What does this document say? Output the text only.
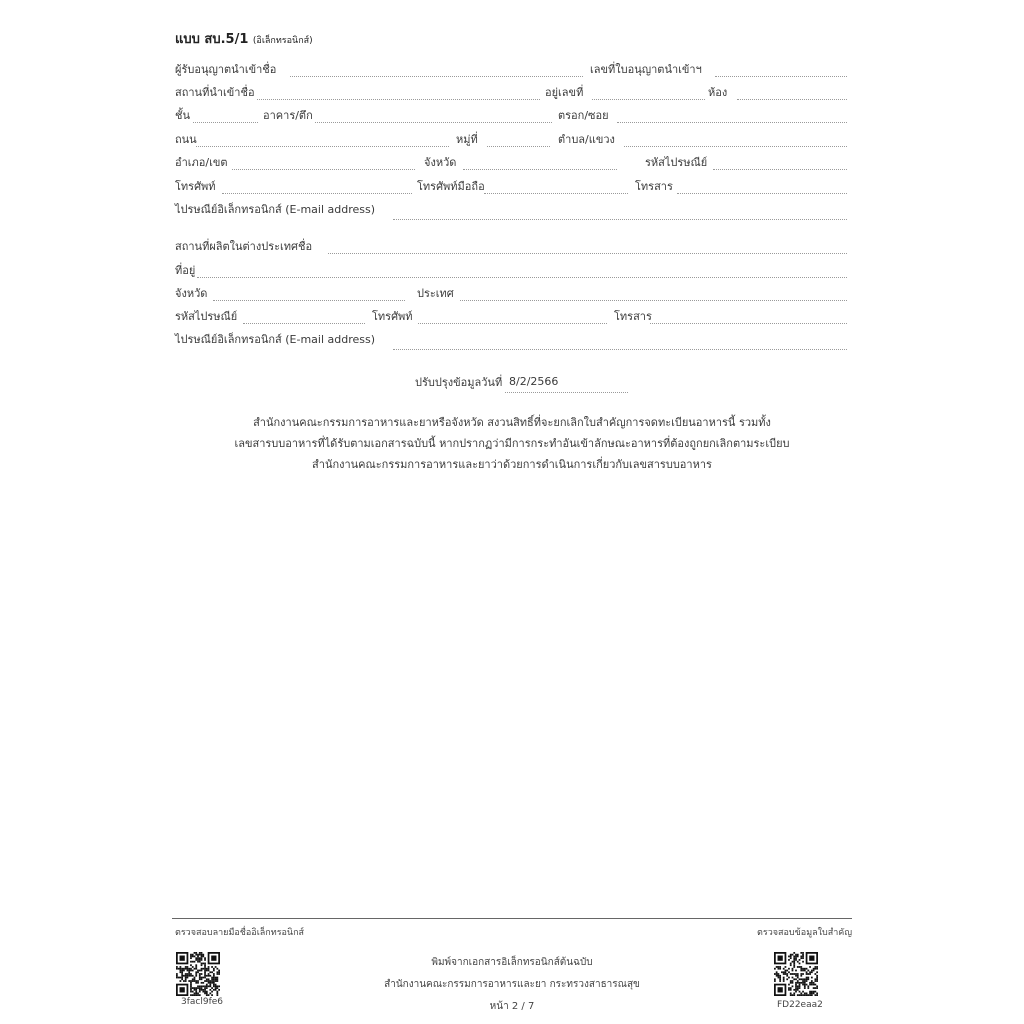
แบบ สบ.5/1 (อิเล็กทรอนิกส์)
ผู้รับอนุญาตนำเข้าชื่อ	เลขที่ใบอนุญาตนำเข้าฯ
สถานที่นำเข้าชื่อ	อยู่เลขที่	ห้อง
ชั้น	อาคาร/ตึก	ตรอก/ซอย
ถนน	หมู่ที่	ตำบล/แขวง
อำเภอ/เขต	จังหวัด	รหัสไปรษณีย์
โทรศัพท์	โทรศัพท์มือถือ	โทรสาร
ไปรษณีย์อิเล็กทรอนิกส์ (E-mail address)
สถานที่ผลิตในต่างประเทศชื่อ
ที่อยู่
จังหวัด	ประเทศ
รหัสไปรษณีย์	โทรศัพท์	โทรสาร
ไปรษณีย์อิเล็กทรอนิกส์ (E-mail address)
ปรับปรุงข้อมูลวันที่ 8/2/2566
สำนักงานคณะกรรมการอาหารและยาหรือจังหวัด สงวนสิทธิ์ที่จะยกเลิกใบสำคัญการจดทะเบียนอาหารนี้ รวมทั้ง
เลขสารบบอาหารที่ได้รับตามเอกสารฉบับนี้ หากปรากฏว่ามีการกระทำอันเข้าลักษณะอาหารที่ต้องถูกยกเลิกตามระเบียบ
สำนักงานคณะกรรมการอาหารและยาว่าด้วยการดำเนินการเกี่ยวกับเลขสารบบอาหาร
ตรวจสอบลายมือชื่ออิเล็กทรอนิกส์	ตรวจสอบข้อมูลใบสำคัญ
3facl9fe6	FD22eaa2
พิมพ์จากเอกสารอิเล็กทรอนิกส์ต้นฉบับ
สำนักงานคณะกรรมการอาหารและยา กระทรวงสาธารณสุข
หน้า 2 / 7
